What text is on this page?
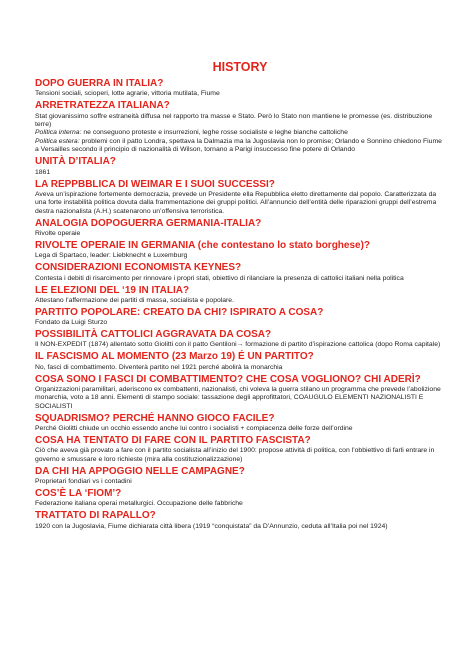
HISTORY
DOPO GUERRA IN ITALIA?

Tensioni sociali, scioperi, lotte agrarie, vittoria mutilata, Fiume

ARRETRATEZZA ITALIANA?

Stat giovanissimo soffre estraneità diffusa nel rapporto tra masse e Stato. Però lo Stato non mantiene le promesse (es. distribuzione terre)

Politica interna: ne conseguono proteste e insurrezioni, leghe rosse socialiste e leghe bianche cattoliche

Politica estera: problemi con il patto Londra, spettava la Dalmazia ma la Jugoslavia non lo promise; Orlando e Sonnino chiedono Fiume a Versailles secondo il principio di nazionalità di Wilson, tornano a Parigi insuccesso fine potere di Orlando

UNITÀ D’ITALIA?

1861

LA REPPBBLICA DI WEIMAR E I SUOI SUCCESSI?

Aveva un’ispirazione fortemente democrazia, prevede un Presidente ella Repubblica eletto direttamente dal popolo. Caratterizzata da una forte instabilità politica dovuta dalla frammentazione dei gruppi politici. All’annuncio dell’entità delle riparazioni gruppi dell’estrema destra nazionalista (A.H.) scatenarono un’offensiva terroristica.

ANALOGIA DOPOGUERRA GERMANIA-ITALIA?

Rivolte operaie

RIVOLTE OPERAIE IN GERMANIA (che contestano lo stato borghese)?

Lega di Spartaco, leader: Liebknecht e Luxemburg

CONSIDERAZIONI ECONOMISTA KEYNES?

Contesta i debiti di risarcimento per rinnovare i propri stati, obiettivo di rilanciare la presenza di cattolici italiani nella politica

LE ELEZIONI DEL ‘19 IN ITALIA?

Attestano l’affermazione dei partiti di massa, socialista e popolare.

PARTITO POPOLARE: CREATO DA CHI? ISPIRATO A COSA?

Fondato da Luigi Sturzo

POSSIBILITÀ CATTOLICI AGGRAVATA DA COSA?

Il NON-EXPEDIT (1874) allentato sotto Giolitti con il patto Gentiloni→ formazione di partito d’ispirazione cattolica (dopo Roma capitale)

IL FASCISMO AL MOMENTO (23 Marzo 19) É UN PARTITO?

No, fasci di combattimento. Diventerà partito nel 1921 perché abolirà la monarchia

COSA SONO I FASCI DI COMBATTIMENTO? CHE COSA VOGLIONO? CHI ADERÌ?

Organizzazioni paramilitari, aderiscono ex combattenti, nazionalisti, chi voleva la guerra stilano un programma che prevede l’abolizione monarchia, voto a 18 anni. Elementi di stampo sociale: tassazione degli approfittatori, COAUGULO ELEMENTI NAZIONALISTI E SOCIALISTI

SQUADRISMO? PERCHÉ HANNO GIOCO FACILE?

Perché Giolitti chiude un occhio essendo anche lui contro i socialisti + compiacenza delle forze dell’ordine

COSA HA TENTATO DI FARE CON IL PARTITO FASCISTA?

Ciò che aveva già provato a fare con il partito socialista all’inizio del 1900: propose attività di politica, con l’obbiettivo di farli entrare in governo e smussare e loro richieste (mira alla costituzionalizzazione)

DA CHI HA APPOGGIO NELLE CAMPAGNE?

Proprietari fondiari vs i contadini

COS’È LA ‘FIOM’?

Federazione italiana operai metallurgici. Occupazione delle fabbriche

TRATTATO DI RAPALLO?

1920 con la Jugoslavia, Fiume dichiarata città libera (1919 “conquistata” da D’Annunzio, ceduta all’Italia poi nel 1924)
